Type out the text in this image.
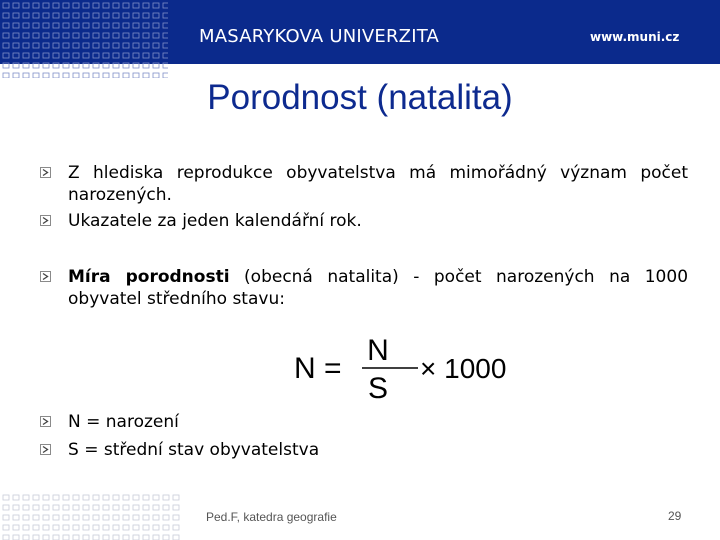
MASARYKOVA UNIVERZITA	www.muni.cz
Porodnost (natalita)
Z hlediska reprodukce obyvatelstva má mimořádný význam počet narozených.
Ukazatele za jeden kalendářní rok.
Míra porodnosti (obecná natalita) - počet narozených na 1000 obyvatel středního stavu:
N =
N
S
× 1000
N = narození
S = střední stav obyvatelstva
Ped.F, katedra geografie	29
